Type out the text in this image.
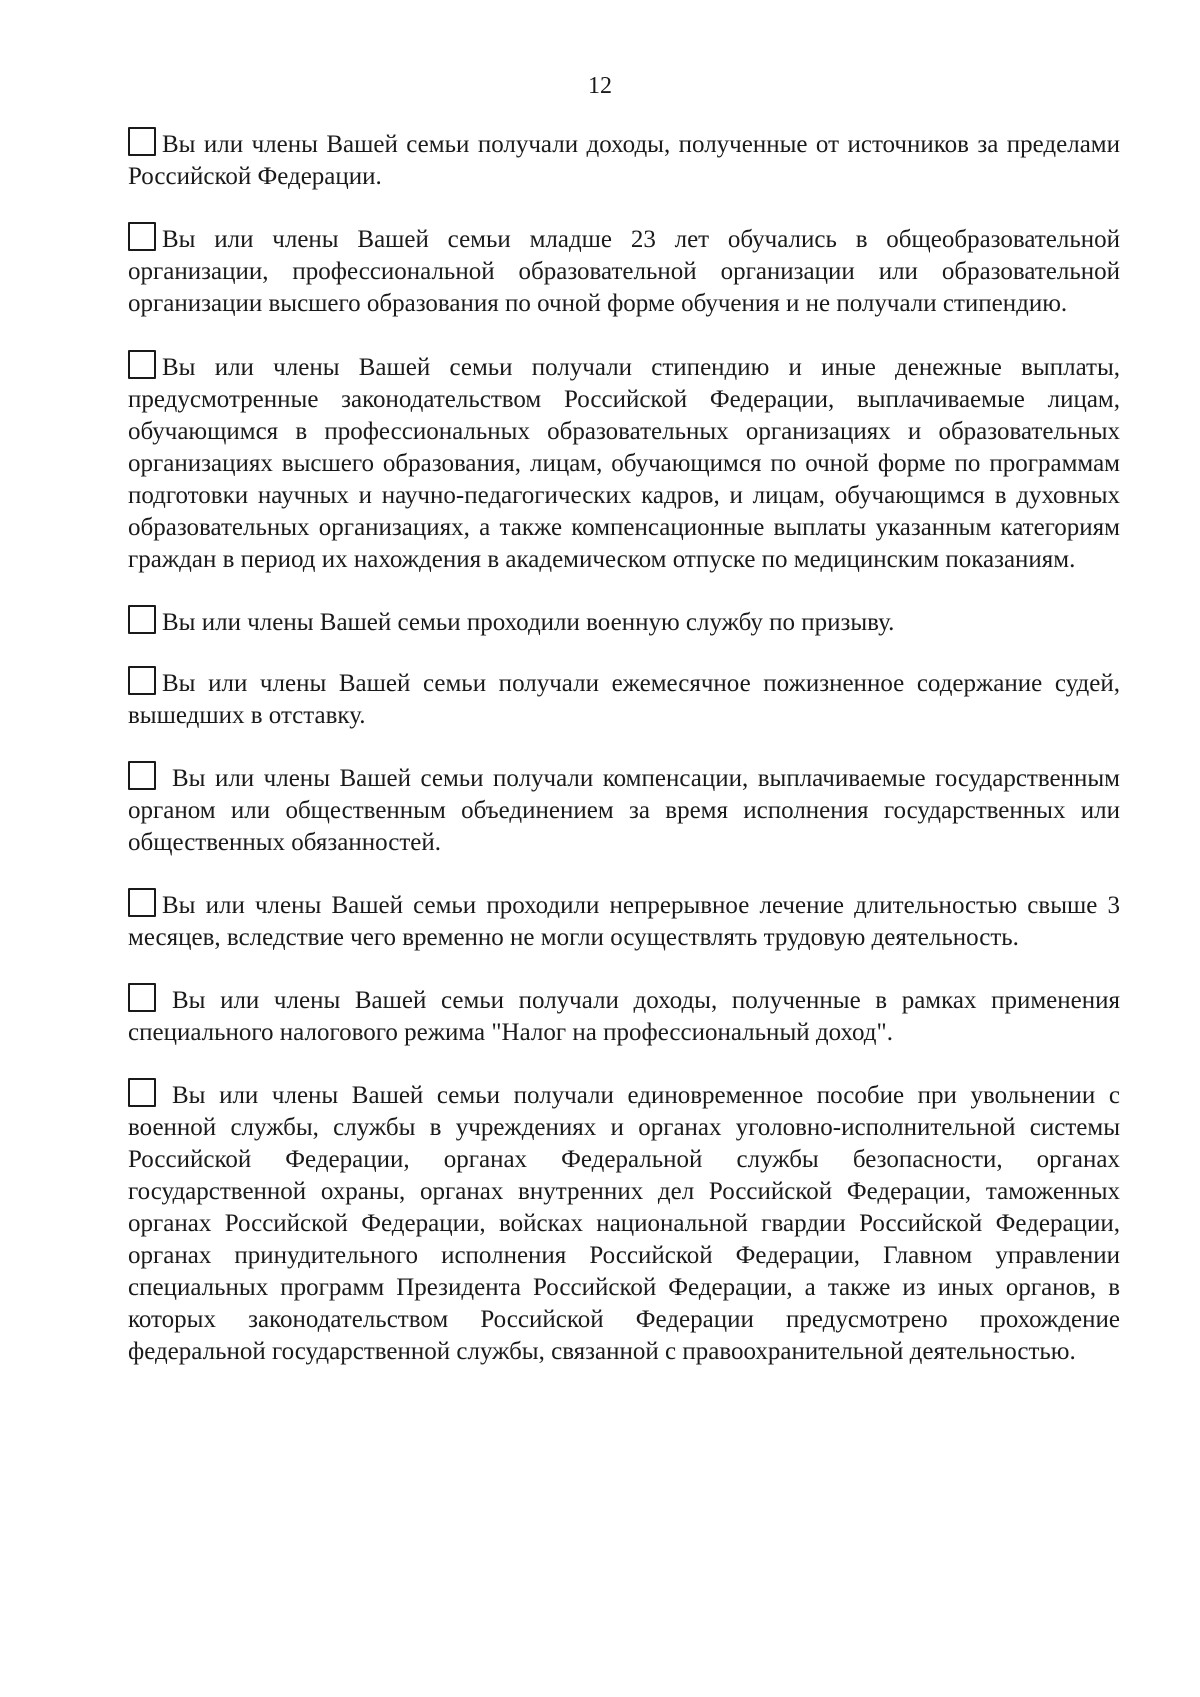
12

Вы или члены Вашей семьи получали доходы, полученные от источников за пределами Российской Федерации.

Вы или члены Вашей семьи младше 23 лет обучались в общеобразовательной организации, профессиональной образовательной организации или образовательной организации высшего образования по очной форме обучения и не получали стипендию.

Вы или члены Вашей семьи получали стипендию и иные денежные выплаты, предусмотренные законодательством Российской Федерации, выплачиваемые лицам, обучающимся в профессиональных образовательных организациях и образовательных организациях высшего образования, лицам, обучающимся по очной форме по программам подготовки научных и научно-педагогических кадров, и лицам, обучающимся в духовных образовательных организациях, а также компенсационные выплаты указанным категориям граждан в период их нахождения в академическом отпуске по медицинским показаниям.

Вы или члены Вашей семьи проходили военную службу по призыву.

Вы или члены Вашей семьи получали ежемесячное пожизненное содержание судей, вышедших в отставку.

Вы или члены Вашей семьи получали компенсации, выплачиваемые государственным органом или общественным объединением за время исполнения государственных или общественных обязанностей.

Вы или члены Вашей семьи проходили непрерывное лечение длительностью свыше 3 месяцев, вследствие чего временно не могли осуществлять трудовую деятельность.

Вы или члены Вашей семьи получали доходы, полученные в рамках применения специального налогового режима "Налог на профессиональный доход".

Вы или члены Вашей семьи получали единовременное пособие при увольнении с военной службы, службы в учреждениях и органах уголовно-исполнительной системы Российской Федерации, органах Федеральной службы безопасности, органах государственной охраны, органах внутренних дел Российской Федерации, таможенных органах Российской Федерации, войсках национальной гвардии Российской Федерации, органах принудительного исполнения Российской Федерации, Главном управлении специальных программ Президента Российской Федерации, а также из иных органов, в которых законодательством Российской Федерации предусмотрено прохождение федеральной государственной службы, связанной с правоохранительной деятельностью.
